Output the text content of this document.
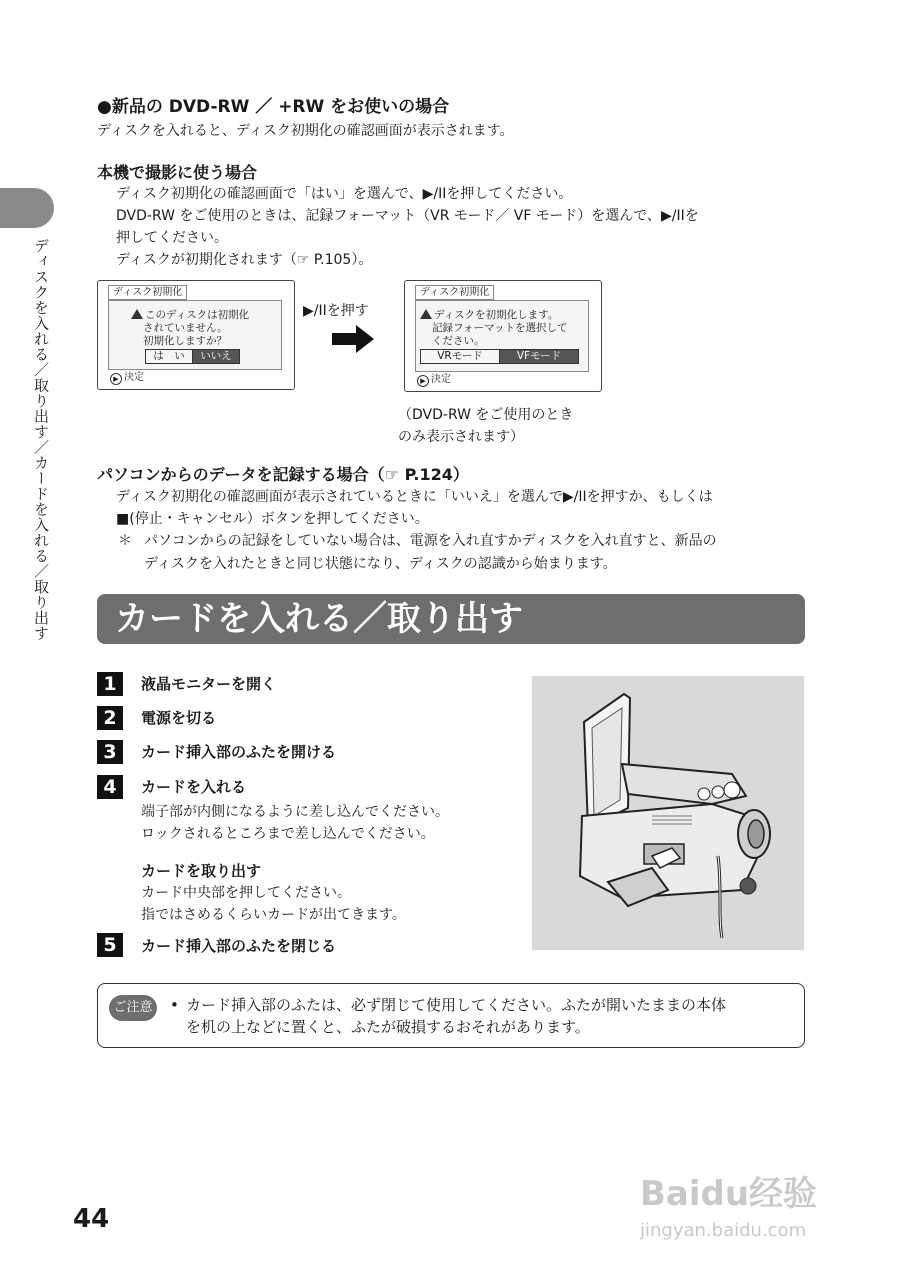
ディスクを入れる／取り出す／カードを入れる／取り出す
●新品の DVD-RW ／ +RW をお使いの場合
ディスクを入れると、ディスク初期化の確認画面が表示されます。
本機で撮影に使う場合
ディスク初期化の確認画面で「はい」を選んで、▶/IIを押してください。
DVD-RW をご使用のときは、記録フォーマット（VR モード／ VF モード）を選んで、▶/IIを
押してください。
ディスクが初期化されます（☞ P.105）。
ディスク初期化
このディスクは初期化
されていません。
初期化しますか？
は　い	いいえ
▶ 決定
▶/IIを押す
ディスク初期化
ディスクを初期化します。
記録フォーマットを選択して
ください。
VRモード	VFモード
▶ 決定
（DVD-RW をご使用のとき
のみ表示されます）
パソコンからのデータを記録する場合（☞ P.124）
ディスク初期化の確認画面が表示されているときに「いいえ」を選んで▶/IIを押すか、もしくは
■(停止・キャンセル）ボタンを押してください。
＊ パソコンからの記録をしていない場合は、電源を入れ直すかディスクを入れ直すと、新品の
ディスクを入れたときと同じ状態になり、ディスクの認識から始まります。
カードを入れる／取り出す
1	液晶モニターを開く
2	電源を切る
3	カード挿入部のふたを開ける
4	カードを入れる
端子部が内側になるように差し込んでください。
ロックされるところまで差し込んでください。
カードを取り出す
カード中央部を押してください。
指ではさめるくらいカードが出てきます。
5	カード挿入部のふたを閉じる
ご注意	• カード挿入部のふたは、必ず閉じて使用してください。ふたが開いたままの本体
を机の上などに置くと、ふたが破損するおそれがあります。
44
Baidu经验
jingyan.baidu.com
